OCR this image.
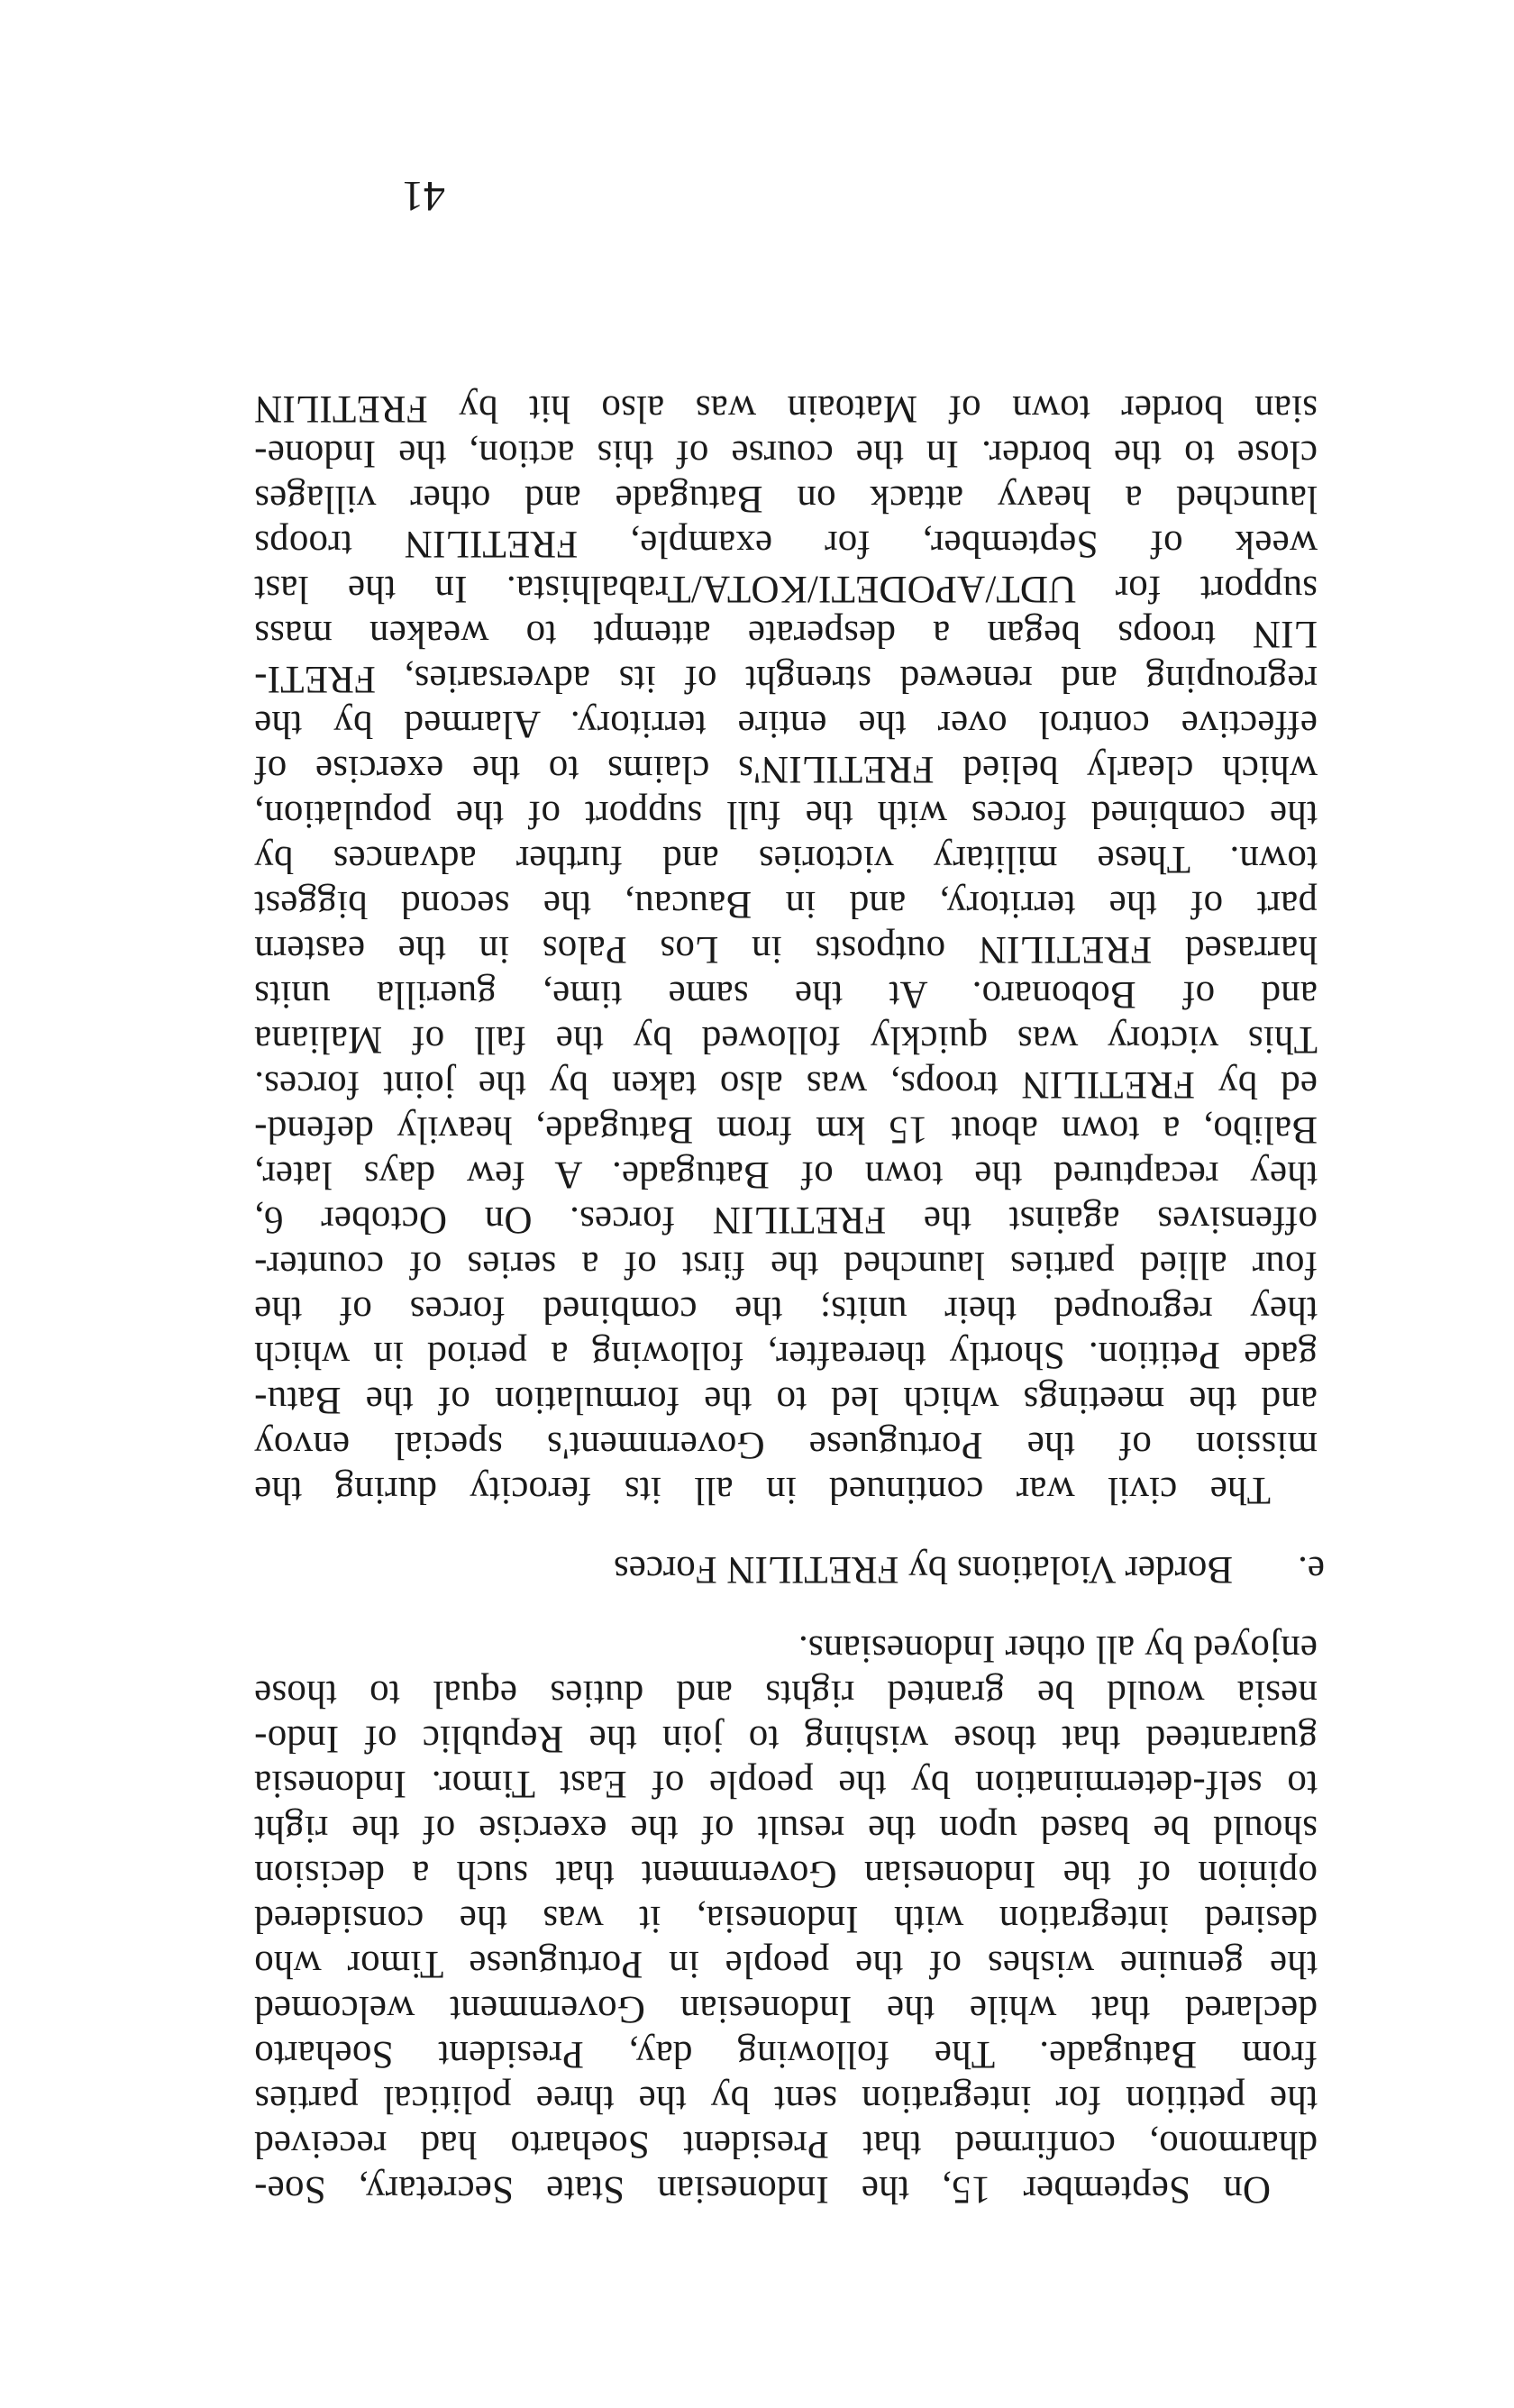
On September 15, the Indonesian State Secretary, Soe-
dharmono, confirmed that President Soeharto had received
the petition for integration sent by the three political parties
from Batugade. The following day, President Soeharto
declared that while the Indonesian Government welcomed
the genuine wishes of the people in Portuguese Timor who
desired integration with Indonesia, it was the considered
opinion of the Indonesian Government that such a decision
should be based upon the result of the exercise of the right
to self-determination by the people of East Timor. Indonesia
guaranteed that those wishing to join the Republic of Indo-
nesia would be granted rights and duties equal to those
enjoyed by all other Indonesians.
e.
Border Violations by FRETILIN Forces
The civil war continued in all its ferocity during the
mission of the Portuguese Government's special envoy
and the meetings which led to the formulation of the Batu-
gade Petition. Shortly thereafter, following a period in which
they regrouped their units; the combined forces of the
four allied parties launched the first of a series of counter-
offensives against the FRETILIN forces. On October 6,
they recaptured the town of Batugade. A few days later,
Balibo, a town about 15 km from Batugade, heavily defend-
ed by FRETILIN troops, was also taken by the joint forces.
This victory was quickly followed by the fall of Maliana
and of Bobonaro. At the same time, guerilla units
harrased FRETILIN outposts in Los Palos in the eastern
part of the territory, and in Baucau, the second biggest
town. These military victories and further advances by
the combined forces with the full support of the population,
which clearly belied FRETILIN's claims to the exercise of
effective control over the entire territory. Alarmed by the
regrouping and renewed strenght of its adversaries, FRETI-
LIN troops began a desperate attempt to weaken mass
support for UDT/APODETI/KOTA/Trabalhista. In the last
week of September, for example, FRETILIN troops
launched a heavy attack on Batugade and other villages
close to the border. In the course of this action, the Indone-
sian border town of Matoain was also hit by FRETILIN
41
